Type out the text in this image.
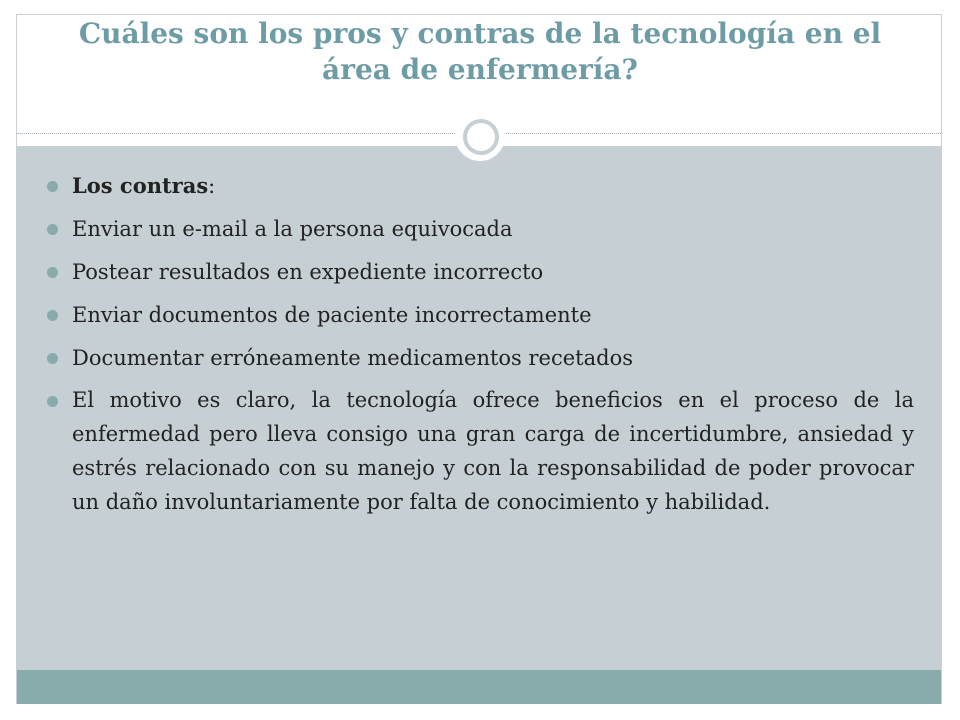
Cuáles son los pros y contras de la tecnología en el área de enfermería?
Los contras:
Enviar un e-mail a la persona equivocada
Postear resultados en expediente incorrecto
Enviar documentos de paciente incorrectamente
Documentar erróneamente medicamentos recetados
El motivo es claro, la tecnología ofrece beneficios en el proceso de la enfermedad pero lleva consigo una gran carga de incertidumbre, ansiedad y estrés relacionado con su manejo y con la responsabilidad de poder provocar un daño involuntariamente por falta de conocimiento y habilidad.
